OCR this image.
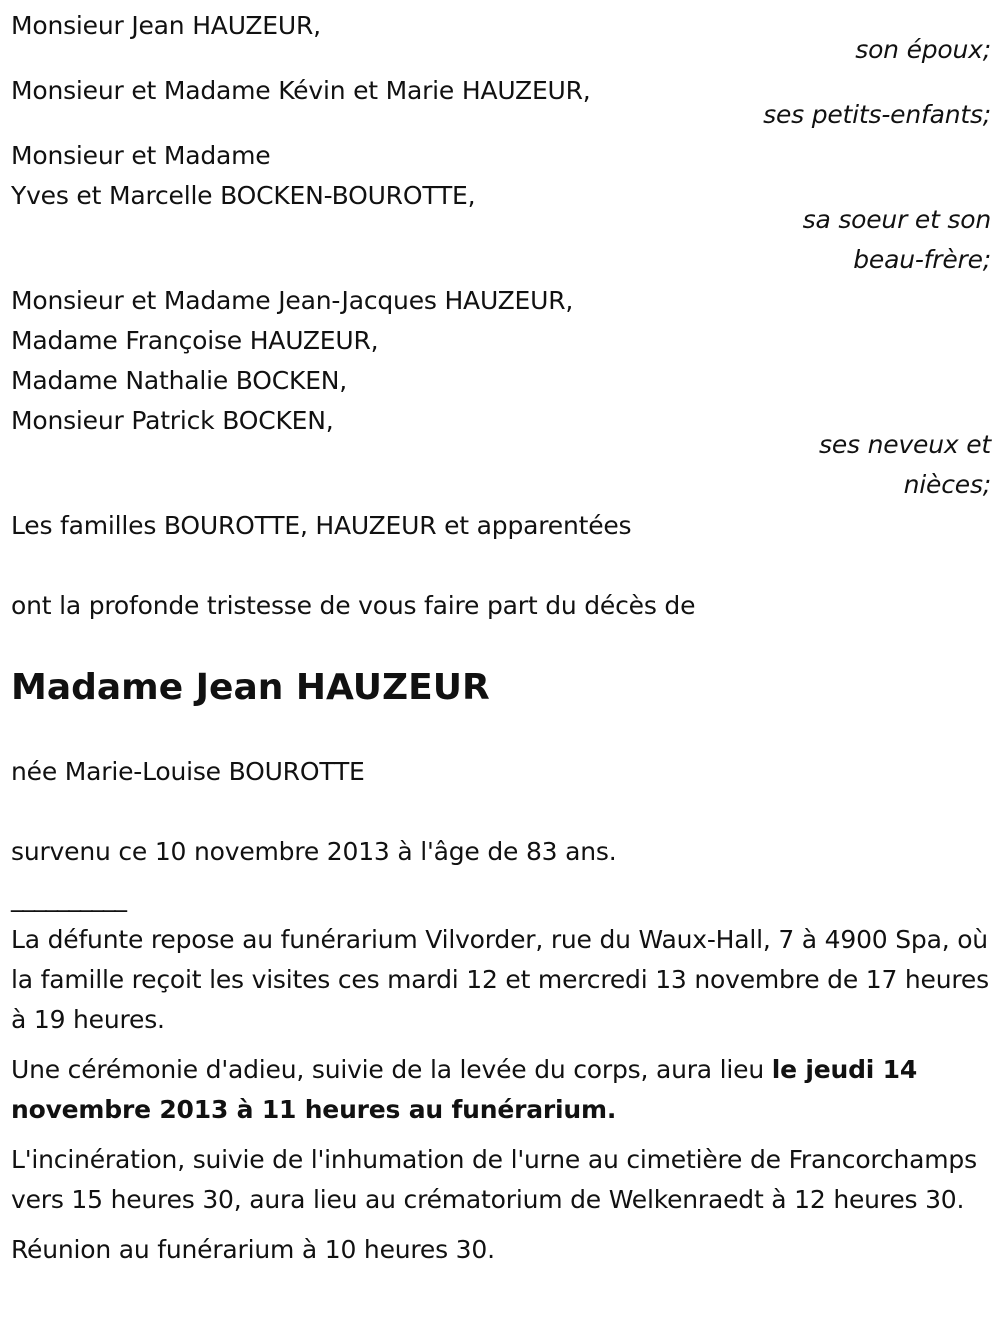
Monsieur Jean HAUZEUR,
son époux;
Monsieur et Madame Kévin et Marie HAUZEUR,
ses petits-enfants;
Monsieur et Madame
Yves et Marcelle BOCKEN-BOUROTTE,
sa soeur et son
beau-frère;
Monsieur et Madame Jean-Jacques HAUZEUR,
Madame Françoise HAUZEUR,
Madame Nathalie BOCKEN,
Monsieur Patrick BOCKEN,
ses neveux et
nièces;
Les familles BOUROTTE, HAUZEUR et apparentées
ont la profonde tristesse de vous faire part du décès de
Madame Jean HAUZEUR
née Marie-Louise BOUROTTE
survenu ce 10 novembre 2013 à l'âge de 83 ans.
__________
La défunte repose au funérarium Vilvorder, rue du Waux-Hall, 7 à 4900 Spa, où la famille reçoit les visites ces mardi 12 et mercredi 13 novembre de 17 heures à 19 heures.
Une cérémonie d'adieu, suivie de la levée du corps, aura lieu le jeudi 14 novembre 2013 à 11 heures au funérarium.
L'incinération, suivie de l'inhumation de l'urne au cimetière de Francorchamps vers 15 heures 30, aura lieu au crématorium de Welkenraedt à 12 heures 30.
Réunion au funérarium à 10 heures 30.
